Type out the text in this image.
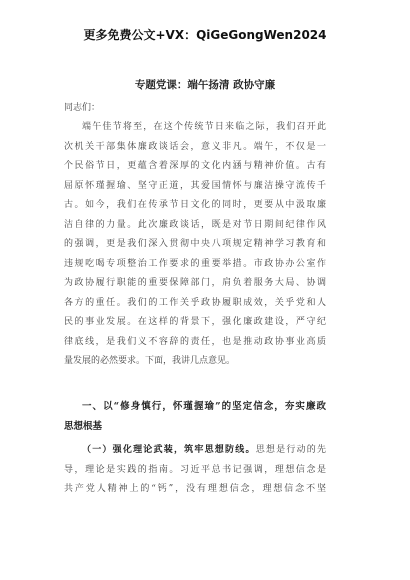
更多免费公文+VX：QiGeGongWen2024
专题党课：端午扬清 政协守廉
同志们：
端午佳节将至，在这个传统节日来临之际，我们召开此
次机关干部集体廉政谈话会，意义非凡。端午，不仅是一
个民俗节日，更蕴含着深厚的文化内涵与精神价值。古有
屈原怀瑾握瑜、坚守正道，其爱国情怀与廉洁操守流传千
古。如今，我们在传承节日文化的同时，更要从中汲取廉
洁自律的力量。此次廉政谈话，既是对节日期间纪律作风
的强调，更是我们深入贯彻中央八项规定精神学习教育和
违规吃喝专项整治工作要求的重要举措。市政协办公室作
为政协履行职能的重要保障部门，肩负着服务大局、协调
各方的重任。我们的工作关乎政协履职成效，关乎党和人
民的事业发展。在这样的背景下，强化廉政建设，严守纪
律底线，是我们义不容辞的责任，也是推动政协事业高质
量发展的必然要求。下面，我讲几点意见。
一、以“修身慎行，怀瑾握瑜”的坚定信念，夯实廉政
思想根基
（一）强化理论武装，筑牢思想防线。思想是行动的先
导，理论是实践的指南。习近平总书记强调，理想信念是
共产党人精神上的“钙”，没有理想信念，理想信念不坚
